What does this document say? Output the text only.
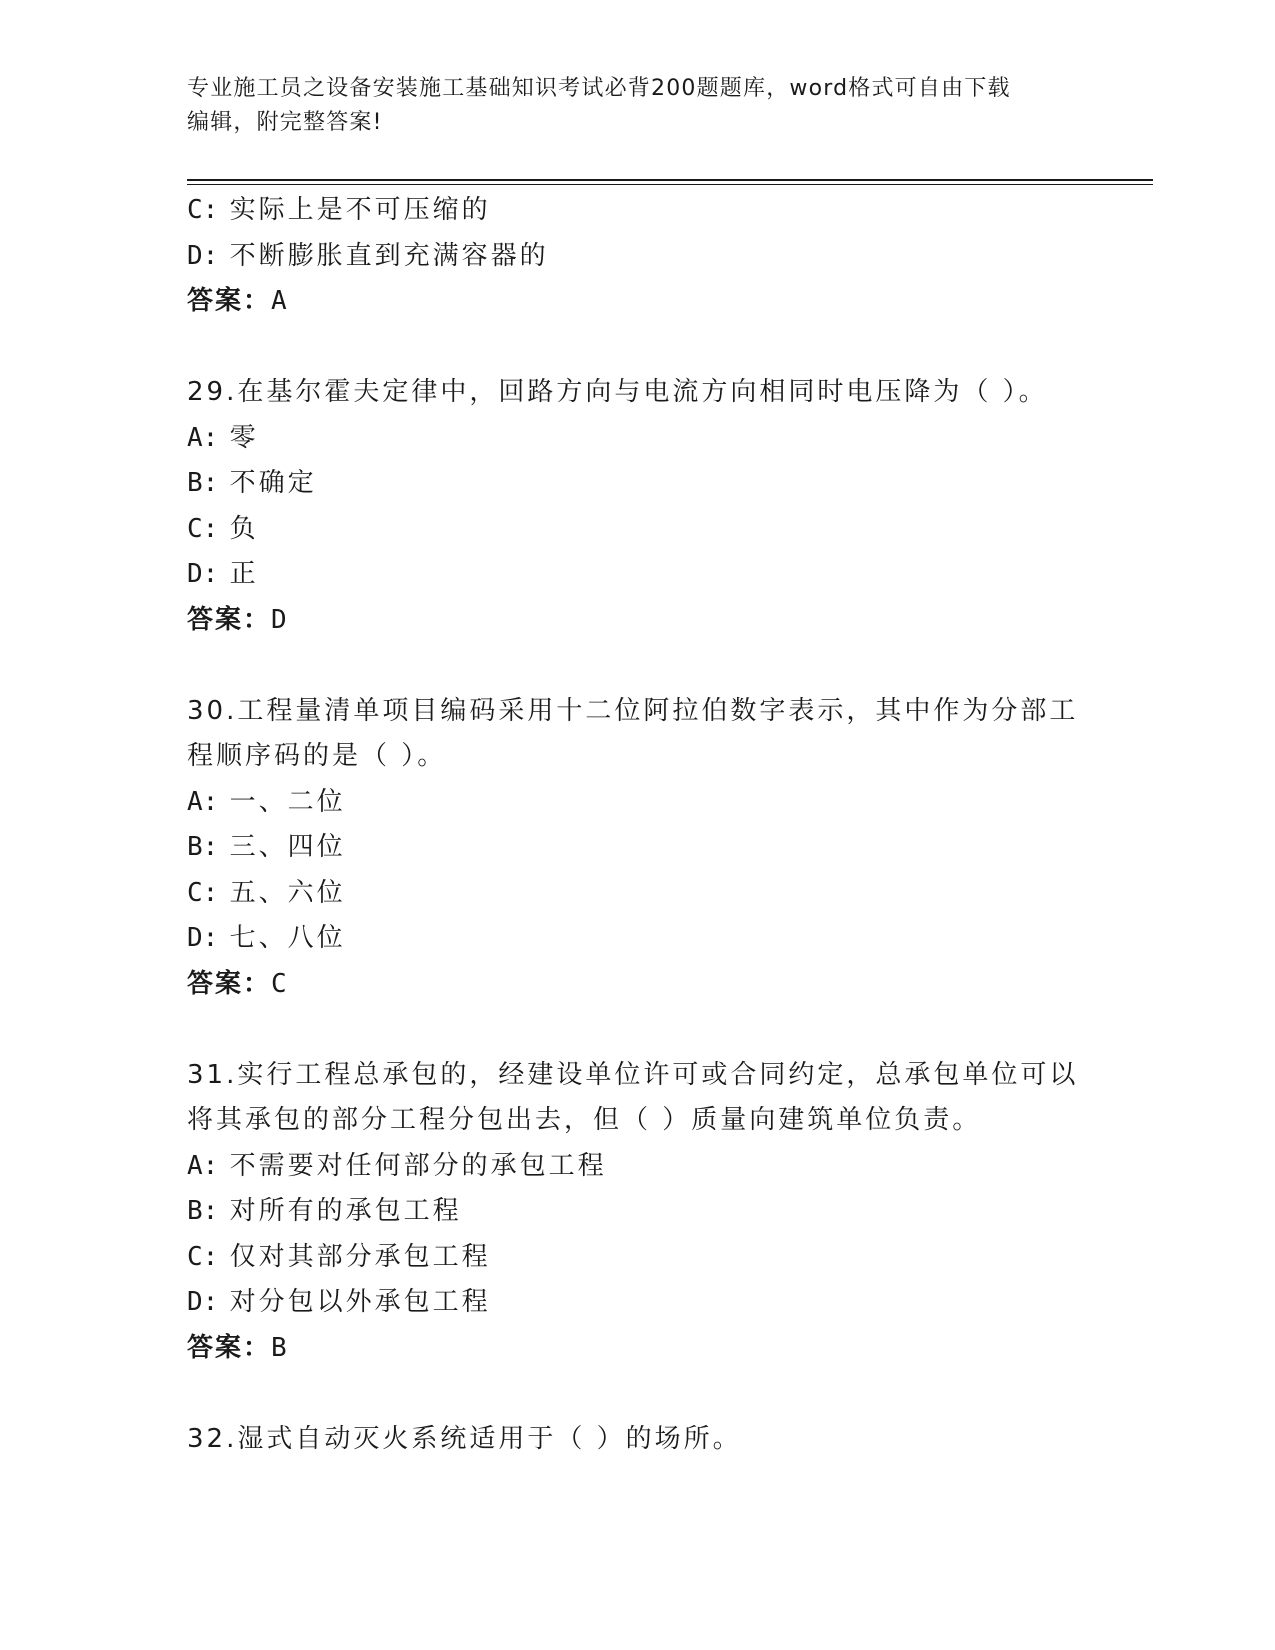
专业施工员之设备安装施工基础知识考试必背200题题库，word格式可自由下载
编辑，附完整答案!
C: 实际上是不可压缩的
D: 不断膨胀直到充满容器的
答案：A
29.在基尔霍夫定律中，回路方向与电流方向相同时电压降为（ ）。
A: 零
B: 不确定
C: 负
D: 正
答案：D
30.工程量清单项目编码采用十二位阿拉伯数字表示，其中作为分部工
程顺序码的是（ ）。
A: 一、二位
B: 三、四位
C: 五、六位
D: 七、八位
答案：C
31.实行工程总承包的，经建设单位许可或合同约定，总承包单位可以
将其承包的部分工程分包出去，但（ ）质量向建筑单位负责。
A: 不需要对任何部分的承包工程
B: 对所有的承包工程
C: 仅对其部分承包工程
D: 对分包以外承包工程
答案：B
32.湿式自动灭火系统适用于（ ）的场所。
